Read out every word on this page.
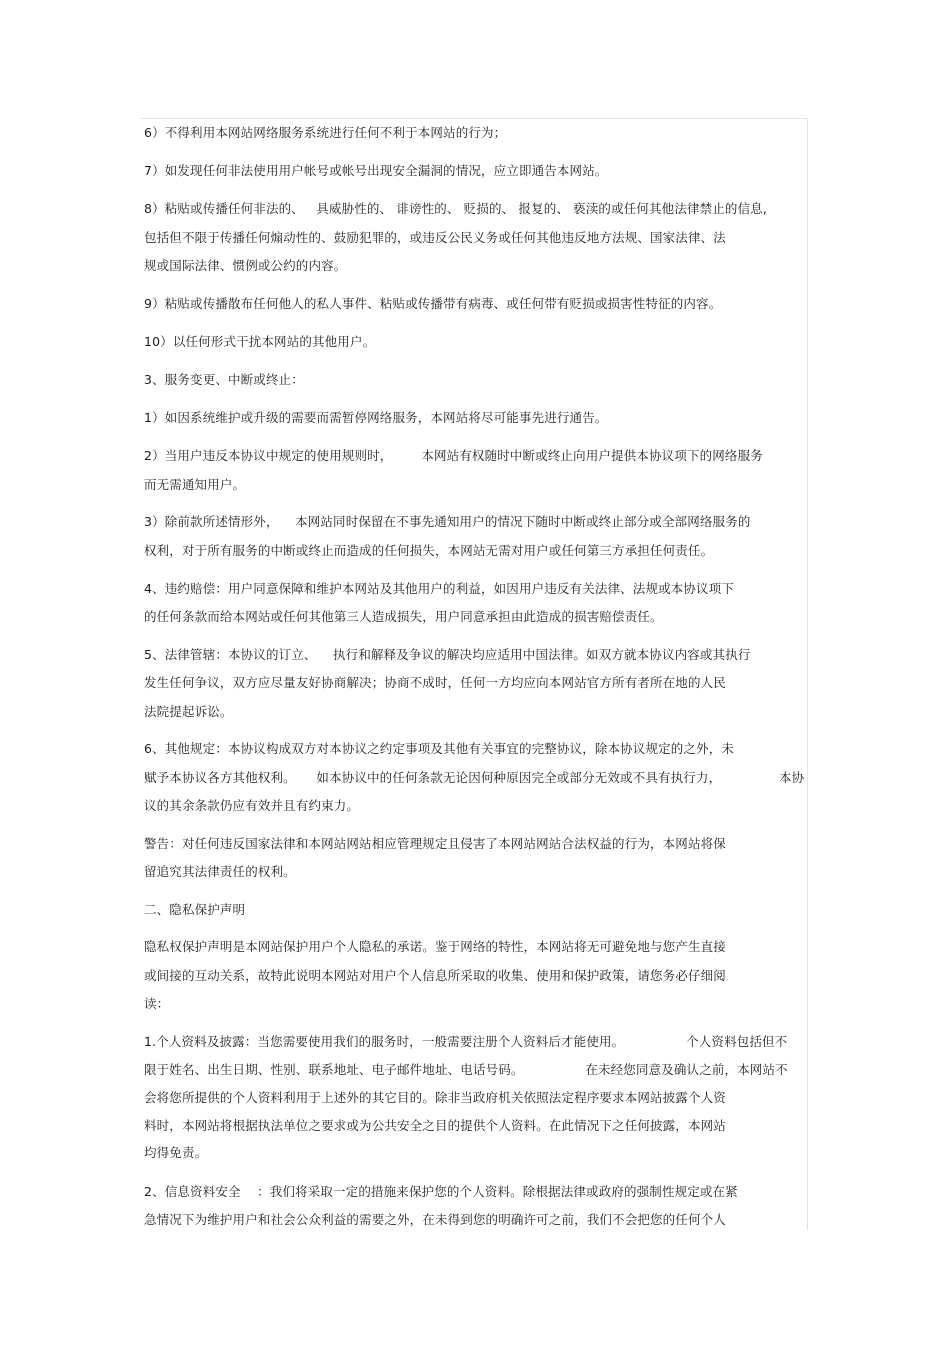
6）不得利用本网站网络服务系统进行任何不利于本网站的行为；
7）如发现任何非法使用用户帐号或帐号出现安全漏洞的情况，应立即通告本网站。
8）粘贴或传播任何非法的、   具威胁性的、 诽谤性的、 贬损的、 报复的、 亵渎的或任何其他法律禁止的信息,
包括但不限于传播任何煽动性的、鼓励犯罪的，或违反公民义务或任何其他违反地方法规、国家法律、法
规或国际法律、惯例或公约的内容。
9）粘贴或传播散布任何他人的私人事件、粘贴或传播带有病毒、或任何带有贬损或损害性特征的内容。
10）以任何形式干扰本网站的其他用户。
3、服务变更、中断或终止：
1）如因系统维护或升级的需要而需暂停网络服务，本网站将尽可能事先进行通告。
2）当用户违反本协议中规定的使用规则时，       本网站有权随时中断或终止向用户提供本协议项下的网络服务
而无需通知用户。
3）除前款所述情形外，    本网站同时保留在不事先通知用户的情况下随时中断或终止部分或全部网络服务的
权利，对于所有服务的中断或终止而造成的任何损失，本网站无需对用户或任何第三方承担任何责任。
4、违约赔偿：用户同意保障和维护本网站及其他用户的利益，如因用户违反有关法律、法规或本协议项下
的任何条款而给本网站或任何其他第三人造成损失，用户同意承担由此造成的损害赔偿责任。
5、法律管辖：本协议的订立、    执行和解释及争议的解决均应适用中国法律。如双方就本协议内容或其执行
发生任何争议，双方应尽量友好协商解决；协商不成时，任何一方均应向本网站官方所有者所在地的人民
法院提起诉讼。
6、其他规定：本协议构成双方对本协议之约定事项及其他有关事宜的完整协议，除本协议规定的之外，未
赋予本协议各方其他权利。     如本协议中的任何条款无论因何种原因完全或部分无效或不具有执行力，              本协
议的其余条款仍应有效并且有约束力。
警告：对任何违反国家法律和本网站网站相应管理规定且侵害了本网站网站合法权益的行为，本网站将保
留追究其法律责任的权利。
二、隐私保护声明
隐私权保护声明是本网站保护用户个人隐私的承诺。鉴于网络的特性，本网站将无可避免地与您产生直接
或间接的互动关系，故特此说明本网站对用户个人信息所采取的收集、使用和保护政策，请您务必仔细阅
读：
1.个人资料及披露：当您需要使用我们的服务时，一般需要注册个人资料后才能使用。               个人资料包括但不
限于姓名、出生日期、性别、联系地址、电子邮件地址、电话号码。               在未经您同意及确认之前，本网站不
会将您所提供的个人资料利用于上述外的其它目的。除非当政府机关依照法定程序要求本网站披露个人资
料时，本网站将根据执法单位之要求或为公共安全之目的提供个人资料。在此情况下之任何披露，本网站
均得免责。
2、信息资料安全    ：我们将采取一定的措施来保护您的个人资料。除根据法律或政府的强制性规定或在紧
急情况下为维护用户和社会公众利益的需要之外，在未得到您的明确许可之前，我们不会把您的任何个人
